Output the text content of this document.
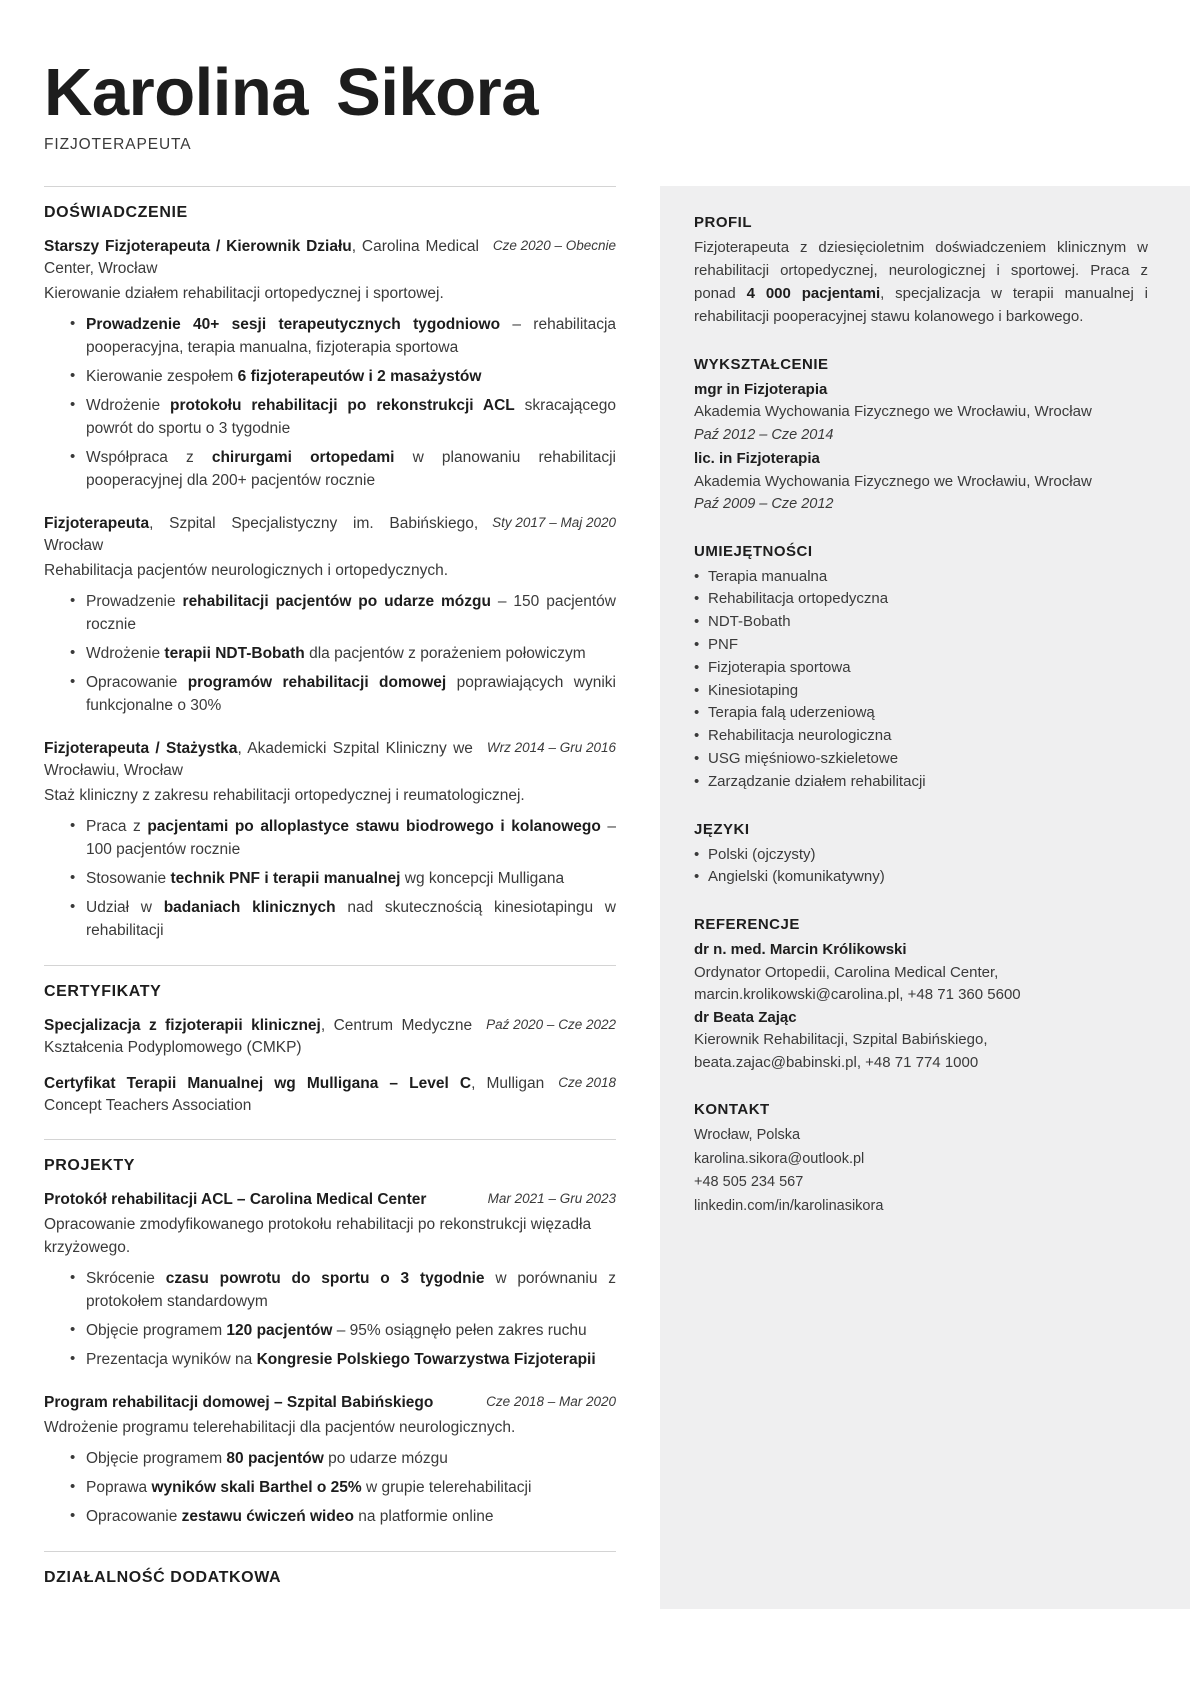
Karolina Sikora
FIZJOTERAPEUTA
DOŚWIADCZENIE
Starszy Fizjoterapeuta / Kierownik Działu, Carolina Medical Center, Wrocław
Cze 2020 – Obecnie
Kierowanie działem rehabilitacji ortopedycznej i sportowej.
• Prowadzenie 40+ sesji terapeutycznych tygodniowo – rehabilitacja pooperacyjna, terapia manualna, fizjoterapia sportowa
• Kierowanie zespołem 6 fizjoterapeutów i 2 masażystów
• Wdrożenie protokołu rehabilitacji po rekonstrukcji ACL skracającego powrót do sportu o 3 tygodnie
• Współpraca z chirurgami ortopedami w planowaniu rehabilitacji pooperacyjnej dla 200+ pacjentów rocznie
Fizjoterapeuta, Szpital Specjalistyczny im. Babińskiego, Wrocław
Sty 2017 – Maj 2020
Rehabilitacja pacjentów neurologicznych i ortopedycznych.
• Prowadzenie rehabilitacji pacjentów po udarze mózgu – 150 pacjentów rocznie
• Wdrożenie terapii NDT-Bobath dla pacjentów z porażeniem połowiczym
• Opracowanie programów rehabilitacji domowej poprawiających wyniki funkcjonalne o 30%
Fizjoterapeuta / Stażystka, Akademicki Szpital Kliniczny we Wrocławiu, Wrocław
Wrz 2014 – Gru 2016
Staż kliniczny z zakresu rehabilitacji ortopedycznej i reumatologicznej.
• Praca z pacjentami po alloplastyce stawu biodrowego i kolanowego – 100 pacjentów rocznie
• Stosowanie technik PNF i terapii manualnej wg koncepcji Mulligana
• Udział w badaniach klinicznych nad skutecznością kinesiotapingu w rehabilitacji
CERTYFIKATY
Specjalizacja z fizjoterapii klinicznej, Centrum Medyczne Kształcenia Podyplomowego (CMKP)
Paź 2020 – Cze 2022
Certyfikat Terapii Manualnej wg Mulligana – Level C, Mulligan Concept Teachers Association
Cze 2018
PROJEKTY
Protokół rehabilitacji ACL – Carolina Medical Center	Mar 2021 – Gru 2023
Opracowanie zmodyfikowanego protokołu rehabilitacji po rekonstrukcji więzadła krzyżowego.
• Skrócenie czasu powrotu do sportu o 3 tygodnie w porównaniu z protokołem standardowym
• Objęcie programem 120 pacjentów – 95% osiągnęło pełen zakres ruchu
• Prezentacja wyników na Kongresie Polskiego Towarzystwa Fizjoterapii
Program rehabilitacji domowej – Szpital Babińskiego	Cze 2018 – Mar 2020
Wdrożenie programu telerehabilitacji dla pacjentów neurologicznych.
• Objęcie programem 80 pacjentów po udarze mózgu
• Poprawa wyników skali Barthel o 25% w grupie telerehabilitacji
• Opracowanie zestawu ćwiczeń wideo na platformie online
DZIAŁALNOŚĆ DODATKOWA
PROFIL
Fizjoterapeuta z dziesięcioletnim doświadczeniem klinicznym w rehabilitacji ortopedycznej, neurologicznej i sportowej. Praca z ponad 4 000 pacjentami, specjalizacja w terapii manualnej i rehabilitacji pooperacyjnej stawu kolanowego i barkowego.
WYKSZTAŁCENIE
mgr in Fizjoterapia
Akademia Wychowania Fizycznego we Wrocławiu, Wrocław
Paź 2012 – Cze 2014
lic. in Fizjoterapia
Akademia Wychowania Fizycznego we Wrocławiu, Wrocław
Paź 2009 – Cze 2012
UMIEJĘTNOŚCI
• Terapia manualna
• Rehabilitacja ortopedyczna
• NDT-Bobath
• PNF
• Fizjoterapia sportowa
• Kinesiotaping
• Terapia falą uderzeniową
• Rehabilitacja neurologiczna
• USG mięśniowo-szkieletowe
• Zarządzanie działem rehabilitacji
JĘZYKI
• Polski (ojczysty)
• Angielski (komunikatywny)
REFERENCJE
dr n. med. Marcin Królikowski
Ordynator Ortopedii, Carolina Medical Center,
marcin.krolikowski@carolina.pl, +48 71 360 5600
dr Beata Zając
Kierownik Rehabilitacji, Szpital Babińskiego,
beata.zajac@babinski.pl, +48 71 774 1000
KONTAKT
Wrocław, Polska
karolina.sikora@outlook.pl
+48 505 234 567
linkedin.com/in/karolinasikora
